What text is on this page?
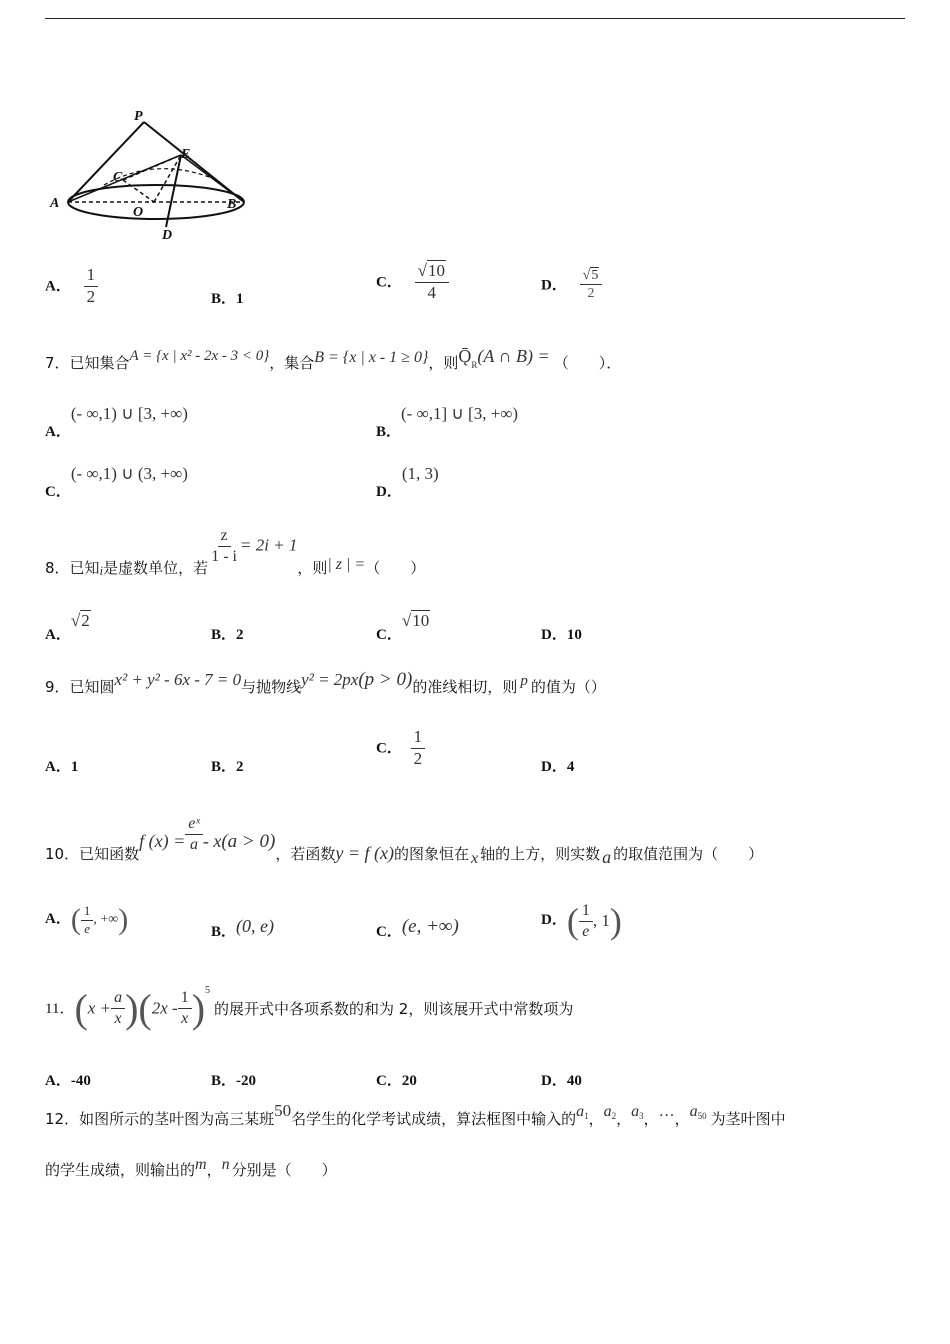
P
E
C
A
O
B
D
A． $\frac{1}{2}$	B．1
C． $\frac{√10}{4}$	D． $\frac{√5}{2}$
7．已知集合A = {x | x² - 2x - 3 < 0}，集合B = {x | x - 1 ≥ 0}，则ǬR(A ∩ B) = （　　）．
A．(- ∞,1) ∪ [3, +∞)
B．(- ∞,1] ∪ [3, +∞)
C．(- ∞,1) ∪ (3, +∞)
D．(1, 3)
8．已知i是虚数单位，若
$\frac{z}{1 - i} = 2i + 1$，则| z | =（　　）
A．√2
B．2	C．√10
D．10
9．已知圆x² + y² - 6x - 7 = 0与抛物线y² = 2px(p > 0)的准线相切，则 p 的值为（）
A．1	B．2
C． $\frac{1}{2}$	D．4
10．已知函数f $(x) = \frac{\text{eˣ}}{a} - x(a > 0)$，若函数y = f (x)的图象恒在 x 轴的上方，则实数 a 的取值范围为（　　）
A．( $\frac{1}{e}$ , +∞)	B．(0, e)	C．(e, +∞)	D．( $\frac{1}{e}$ , 1)
11．$(x + \frac{a}{x} )(2x - \frac{1}{x} )^5$的展开式中各项系数的和为 2，则该展开式中常数项为
A．-40	B．-20	C．20	D．40
12．如图所示的茎叶图为高三某班50名学生的化学考试成绩，算法框图中输入的$a^1$，$a^2$，$a^3$，…，$a^{50}$ 为茎叶图中
的学生成绩，则输出的m，n 分别是（　　）
